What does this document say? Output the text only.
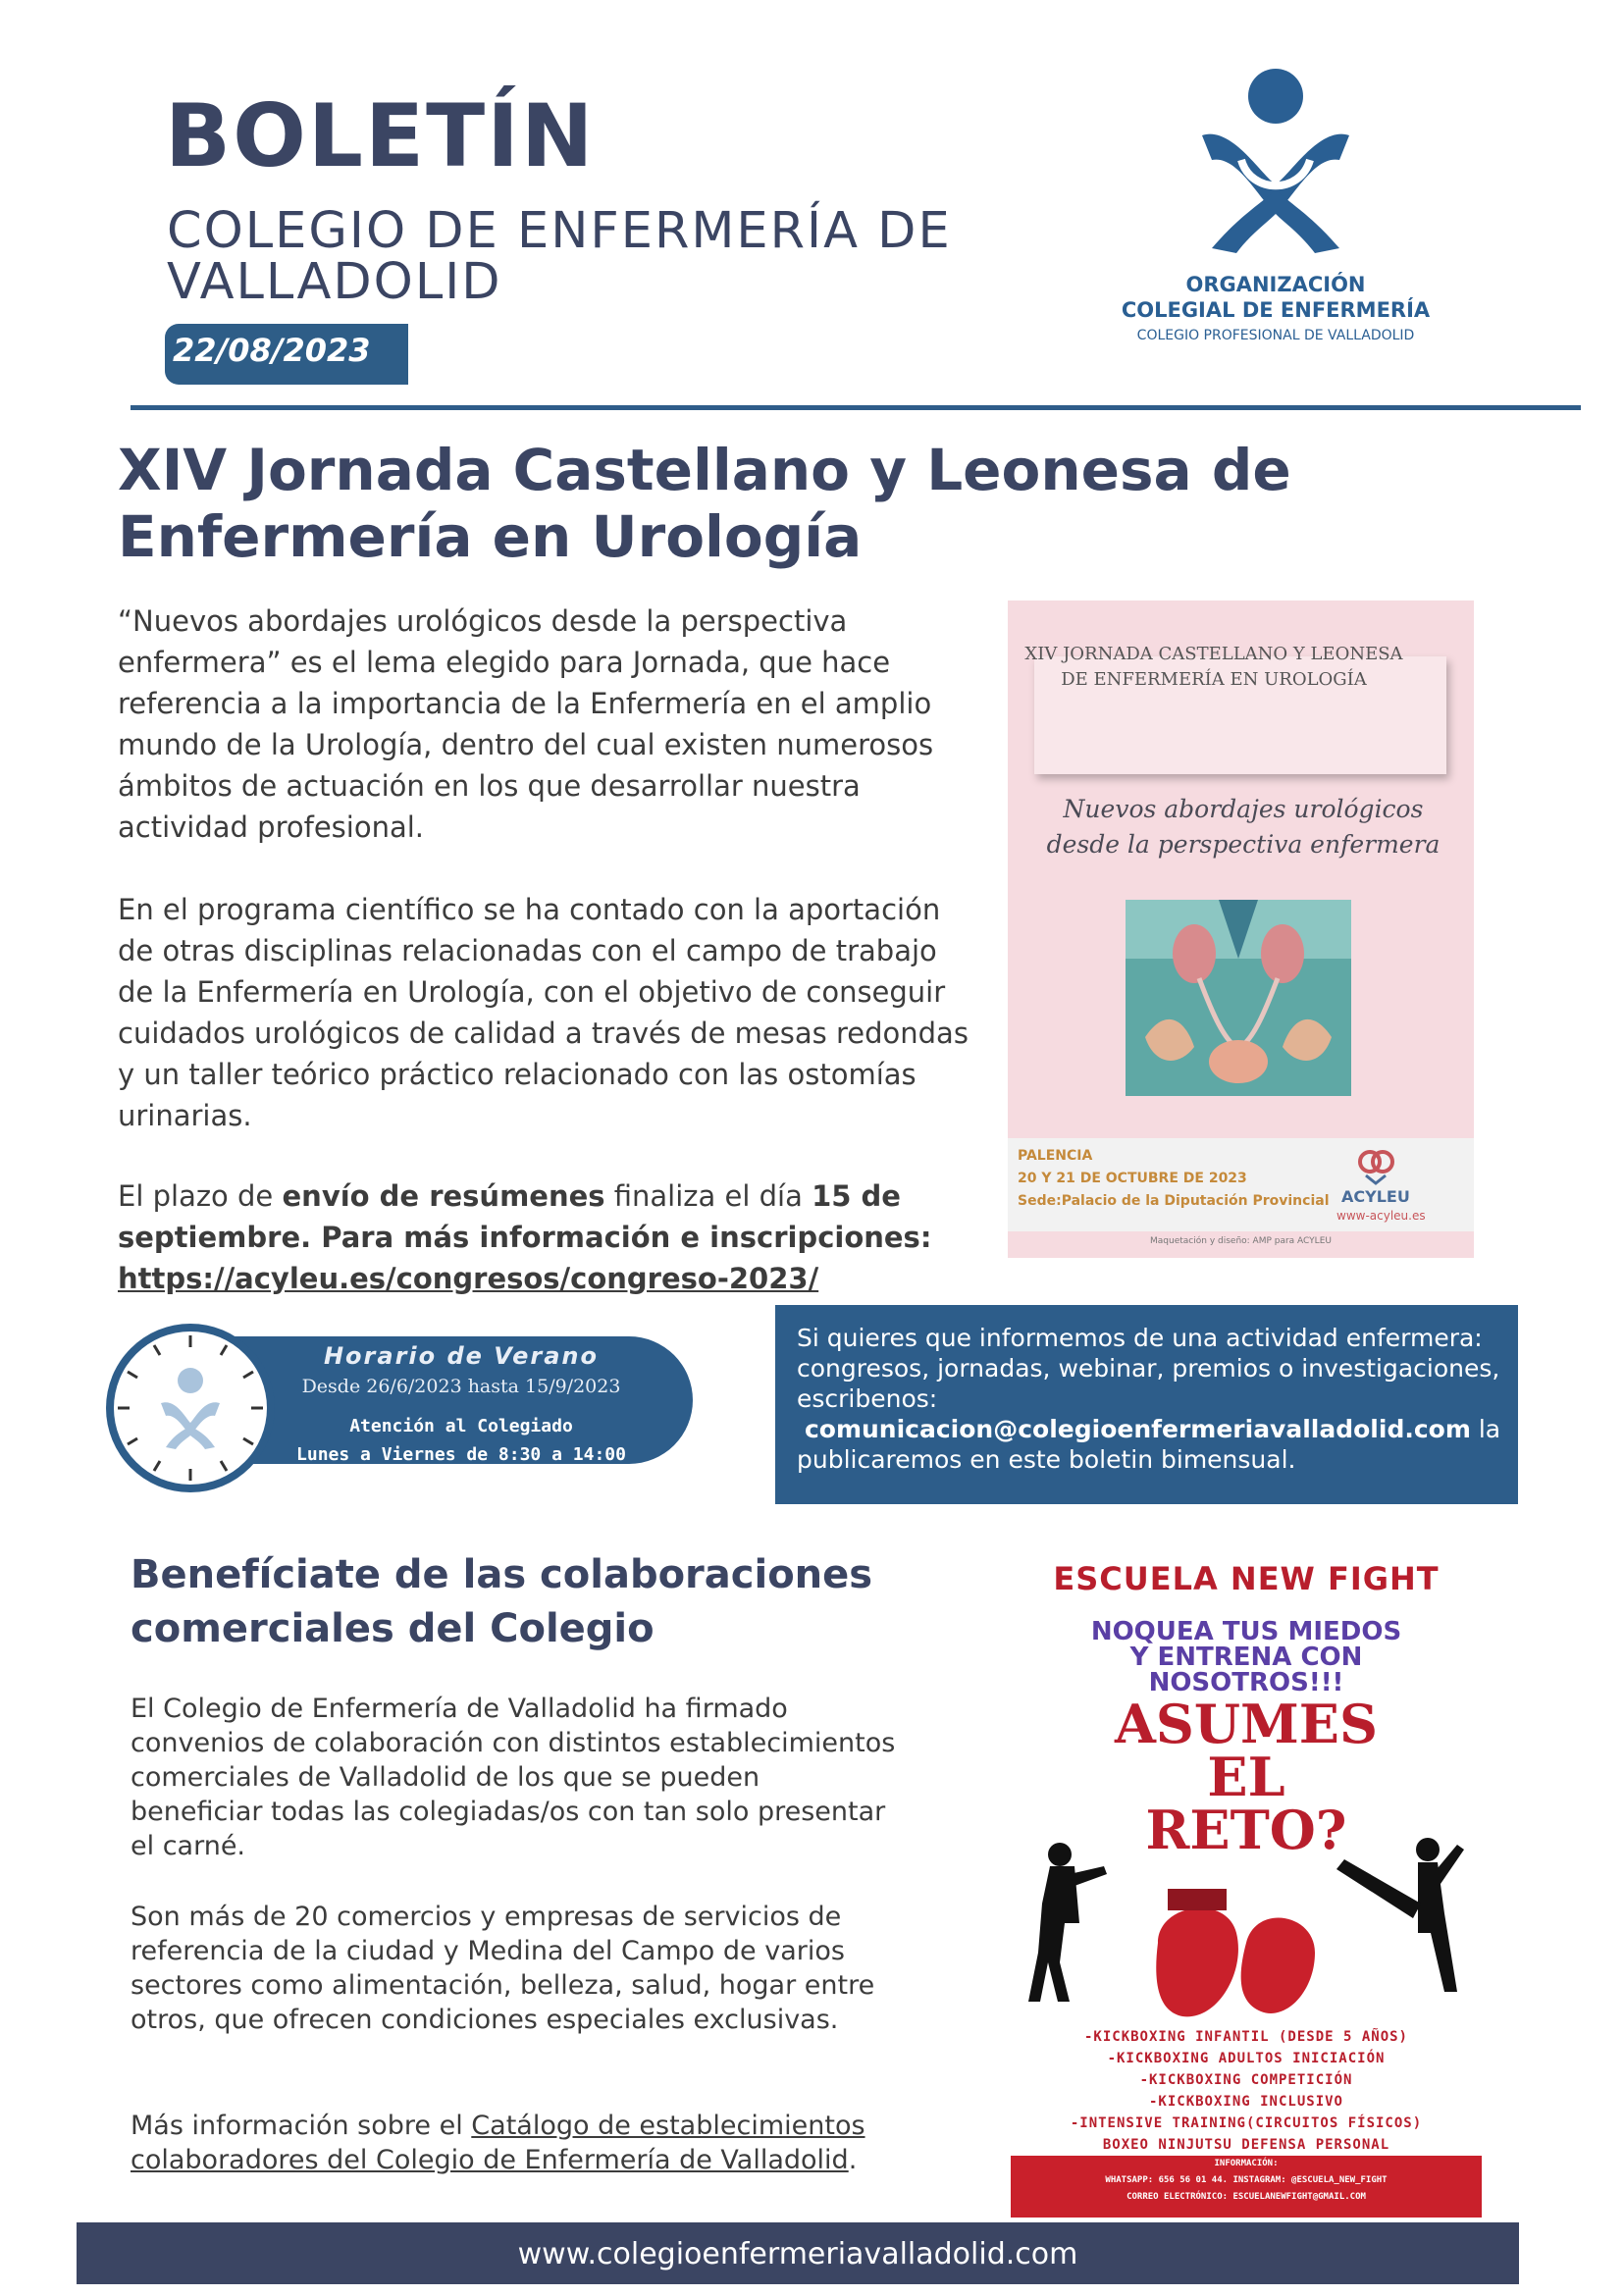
BOLETÍN
COLEGIO DE ENFERMERÍA DE VALLADOLID
22/08/2023
ORGANIZACIÓN
COLEGIAL DE ENFERMERÍA
COLEGIO PROFESIONAL DE VALLADOLID
XIV Jornada Castellano y Leonesa de Enfermería en Urología
“Nuevos abordajes urológicos desde la perspectiva enfermera” es el lema elegido para Jornada, que hace referencia a la importancia de la Enfermería en el amplio mundo de la Urología, dentro del cual existen numerosos ámbitos de actuación en los que desarrollar nuestra actividad profesional.
En el programa científico se ha contado con la aportación de otras disciplinas relacionadas con el campo de trabajo de la Enfermería en Urología, con el objetivo de conseguir cuidados urológicos de calidad a través de mesas redondas y un taller teórico práctico relacionado con las ostomías urinarias.
El plazo de envío de resúmenes finaliza el día 15 de septiembre. Para más información e inscripciones:
https://acyleu.es/congresos/congreso-2023/
XIV JORNADA CASTELLANO Y LEONESA DE ENFERMERÍA EN UROLOGÍA
Nuevos abordajes urológicos desde la perspectiva enfermera
PALENCIA
20 Y 21 DE OCTUBRE DE 2023
Sede:Palacio de la Diputación Provincial ACYLEU
www-acyleu.es
Maquetación y diseño: AMP para ACYLEU
Horario de Verano
Desde 26/6/2023 hasta 15/9/2023
Atención al Colegiado
Lunes a Viernes de 8:30 a 14:00
Si quieres que informemos de una actividad enfermera: congresos, jornadas, webinar, premios o investigaciones, escribenos:
comunicacion@colegioenfermeriavalladolid.com la publicaremos en este boletin bimensual.
Benefíciate de las colaboraciones comerciales del Colegio
El Colegio de Enfermería de Valladolid ha firmado convenios de colaboración con distintos establecimientos comerciales de Valladolid de los que se pueden beneficiar todas las colegiadas/os con tan solo presentar el carné.
Son más de 20 comercios y empresas de servicios de referencia de la ciudad y Medina del Campo de varios sectores como alimentación, belleza, salud, hogar entre otros, que ofrecen condiciones especiales exclusivas.
Más información sobre el Catálogo de establecimientos colaboradores del Colegio de Enfermería de Valladolid.
ESCUELA NEW FIGHT
NOQUEA TUS MIEDOS
Y ENTRENA CON
NOSOTROS!!!
ASUMES
EL
RETO?
-KICKBOXING INFANTIL (DESDE 5 AÑOS)
-KICKBOXING ADULTOS INICIACIÓN
-KICKBOXING COMPETICIÓN
-KICKBOXING INCLUSIVO
-INTENSIVE TRAINING(CIRCUITOS FÍSICOS)
BOXEO NINJUTSU DEFENSA PERSONAL
INFORMACIÓN:
WHATSAPP: 656 56 01 44. INSTAGRAM: @ESCUELA_NEW_FIGHT
CORREO ELECTRÓNICO: ESCUELANEWFIGHT@GMAIL.COM
www.colegioenfermeriavalladolid.com
